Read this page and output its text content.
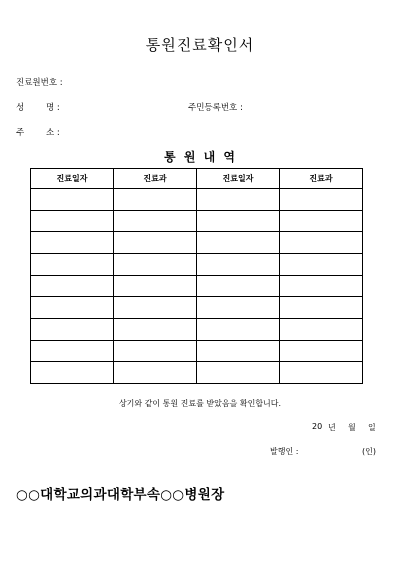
통원진료확인서
진료원번호 :
성	명 :	주민등록번호 :
주	소 :
통 원 내 역
진료일자	진료과	진료일자	진료과

상기와 같이 통원 진료를 받았음을 확인합니다.
20 년 월 일
발행인 :	(인)
○○대학교의과대학부속○○병원장
